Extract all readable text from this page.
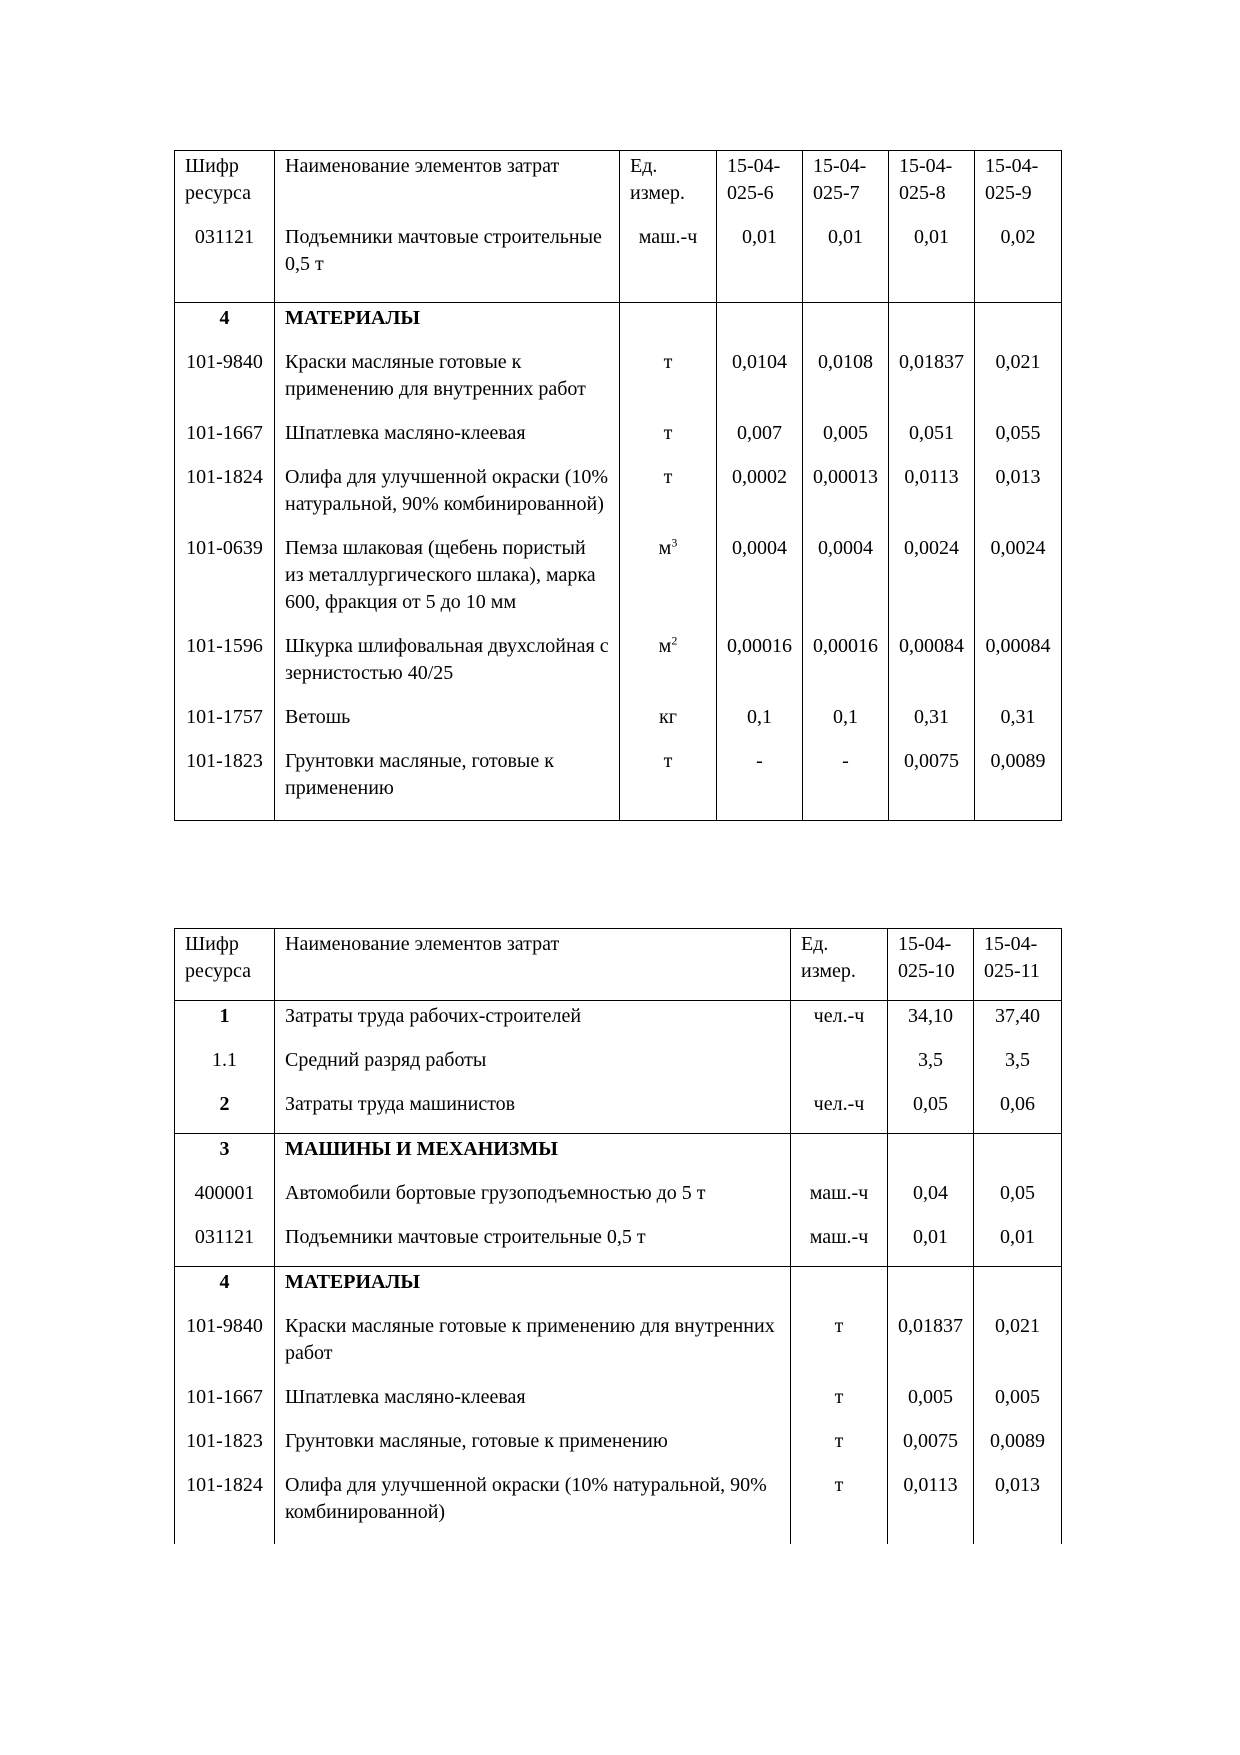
Шифр ресурса	Наименование элементов затрат	Ед. измер.	15-04-025-6	15-04-025-7	15-04-025-8	15-04-025-9
031121	Подъемники мачтовые строительные 0,5 т	маш.-ч	0,01	0,01	0,01	0,02
4	МАТЕРИАЛЫ					
101-9840	Краски масляные готовые к применению для внутренних работ	т	0,0104	0,0108	0,01837	0,021
101-1667	Шпатлевка масляно-клеевая	т	0,007	0,005	0,051	0,055
101-1824	Олифа для улучшенной окраски (10% натуральной, 90% комбинированной)	т	0,0002	0,00013	0,0113	0,013
101-0639	Пемза шлаковая (щебень пористый из металлургического шлака), марка 600, фракция от 5 до 10 мм	$м^3$	0,0004	0,0004	0,0024	0,0024
101-1596	Шкурка шлифовальная двухслойная с зернистостью 40/25	$м^2$	0,00016	0,00016	0,00084	0,00084
101-1757	Ветошь	кг	0,1	0,1	0,31	0,31
101-1823	Грунтовки масляные, готовые к применению	т	-	-	0,0075	0,0089
Шифр ресурса	Наименование элементов затрат	Ед. измер.	15-04-025-10	15-04-025-11
1	Затраты труда рабочих-строителей	чел.-ч	34,10	37,40
1.1	Средний разряд работы		3,5	3,5
2	Затраты труда машинистов	чел.-ч	0,05	0,06
3	МАШИНЫ И МЕХАНИЗМЫ			
400001	Автомобили бортовые грузоподъемностью до 5 т	маш.-ч	0,04	0,05
031121	Подъемники мачтовые строительные 0,5 т	маш.-ч	0,01	0,01
4	МАТЕРИАЛЫ			
101-9840	Краски масляные готовые к применению для внутренних работ	т	0,01837	0,021
101-1667	Шпатлевка масляно-клеевая	т	0,005	0,005
101-1823	Грунтовки масляные, готовые к применению	т	0,0075	0,0089
101-1824	Олифа для улучшенной окраски (10% натуральной, 90% комбинированной)	т	0,0113	0,013
